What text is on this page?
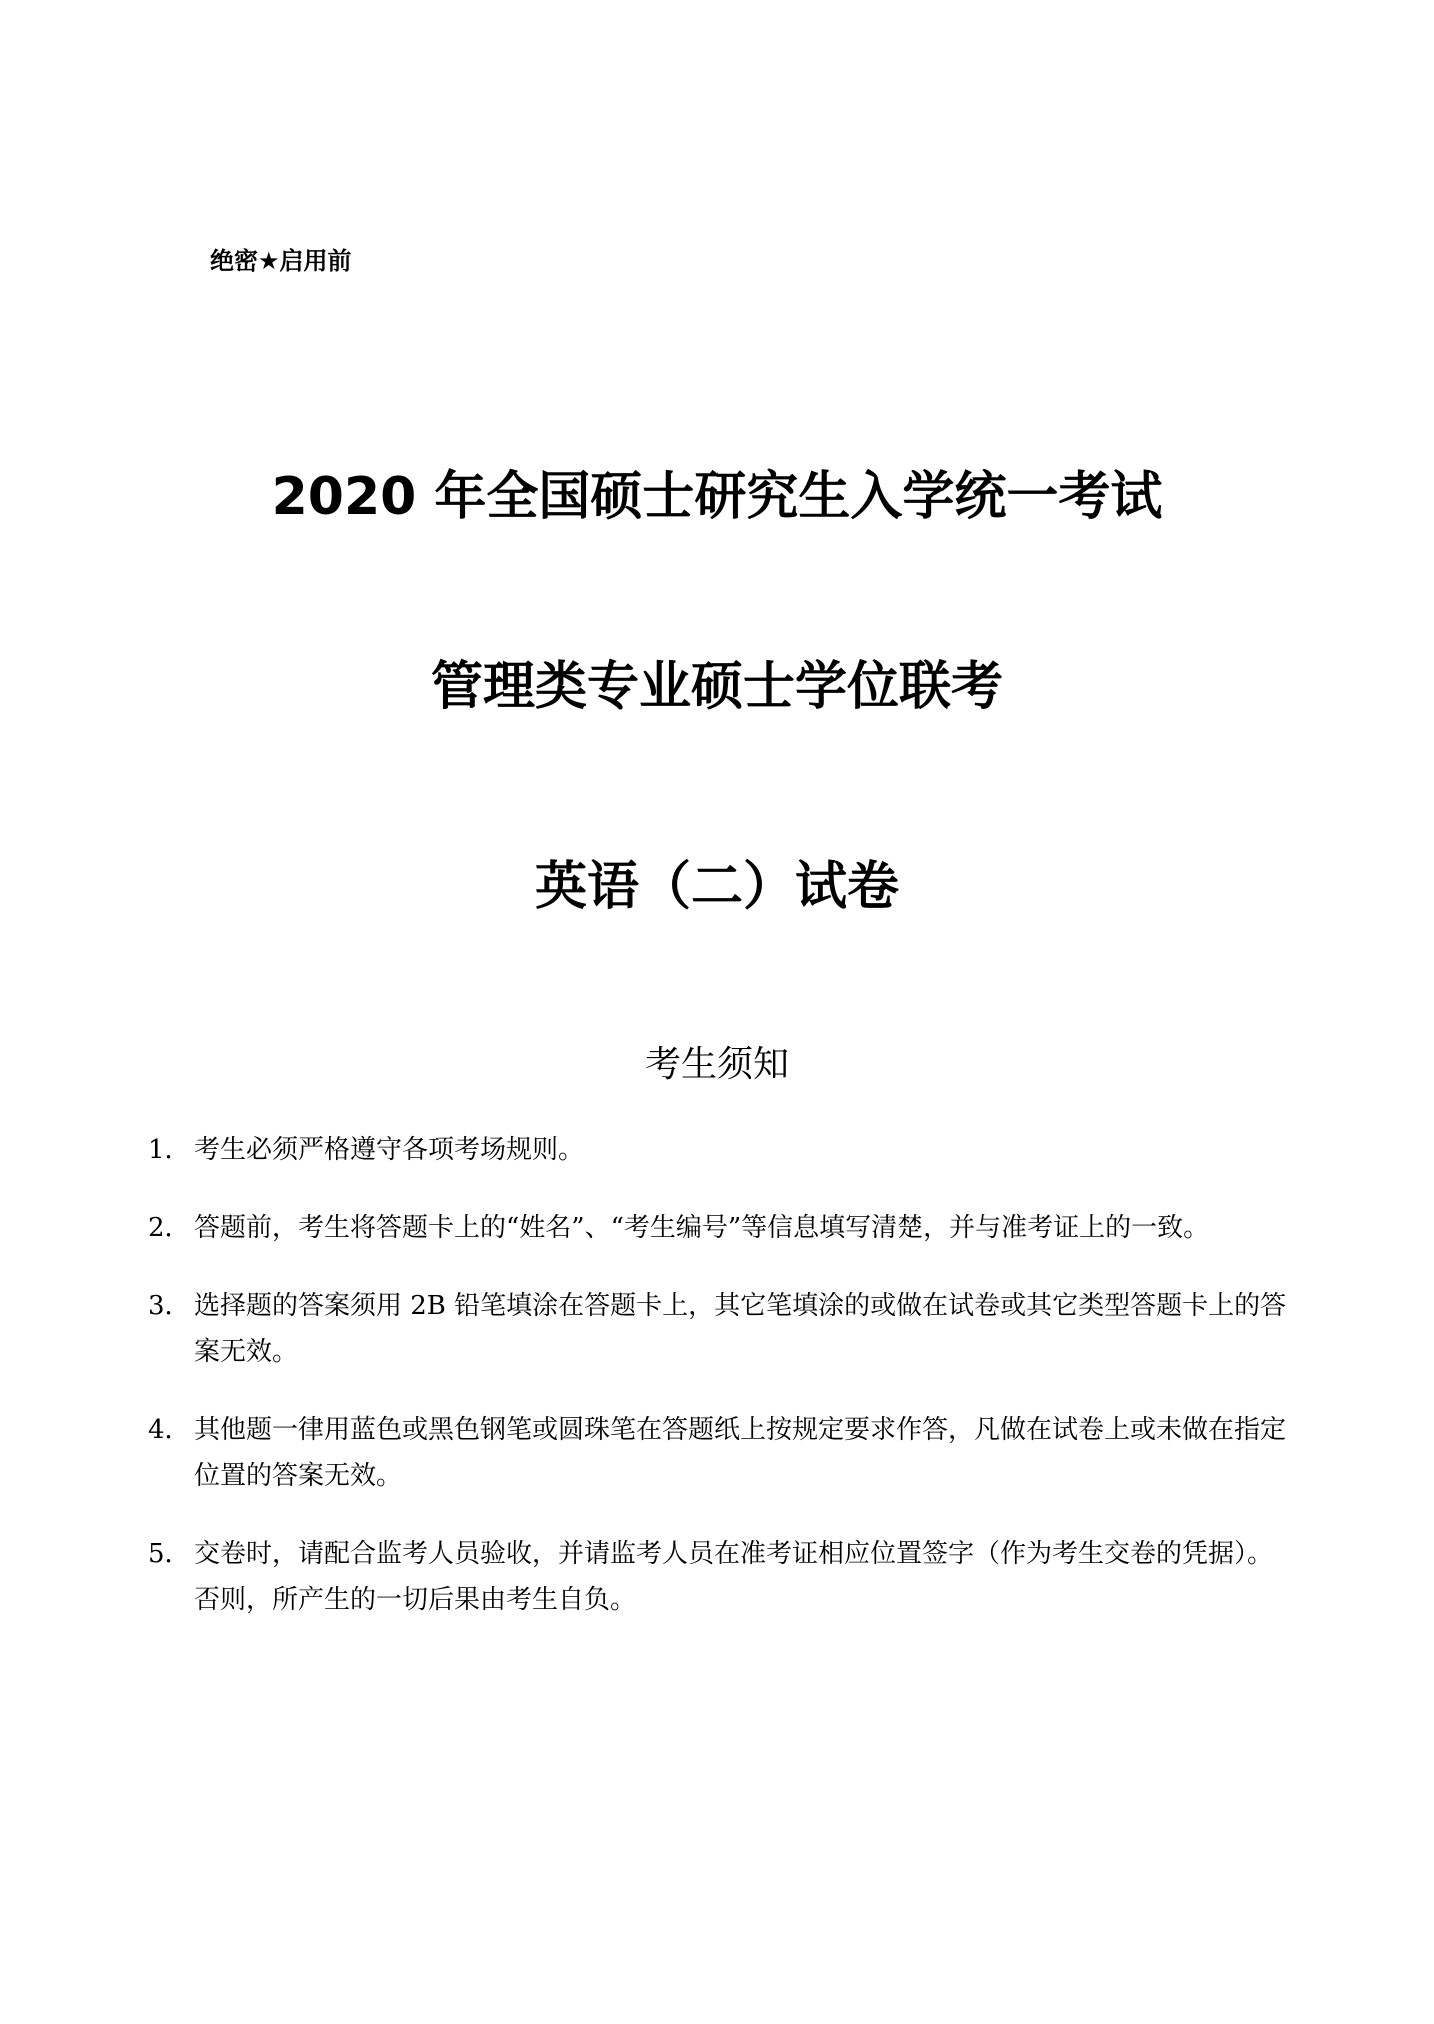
绝密★启用前
2020 年全国硕士研究生入学统一考试
管理类专业硕士学位联考
英语（二）试卷
考生须知
1． 考生必须严格遵守各项考场规则。
2． 答题前，考生将答题卡上的“姓名”、“考生编号”等信息填写清楚，并与准考证上的一致。
3． 选择题的答案须用 2B 铅笔填涂在答题卡上，其它笔填涂的或做在试卷或其它类型答题卡上的答案无效。
4． 其他题一律用蓝色或黑色钢笔或圆珠笔在答题纸上按规定要求作答，凡做在试卷上或未做在指定位置的答案无效。
5． 交卷时，请配合监考人员验收，并请监考人员在准考证相应位置签字（作为考生交卷的凭据）。否则，所产生的一切后果由考生自负。
